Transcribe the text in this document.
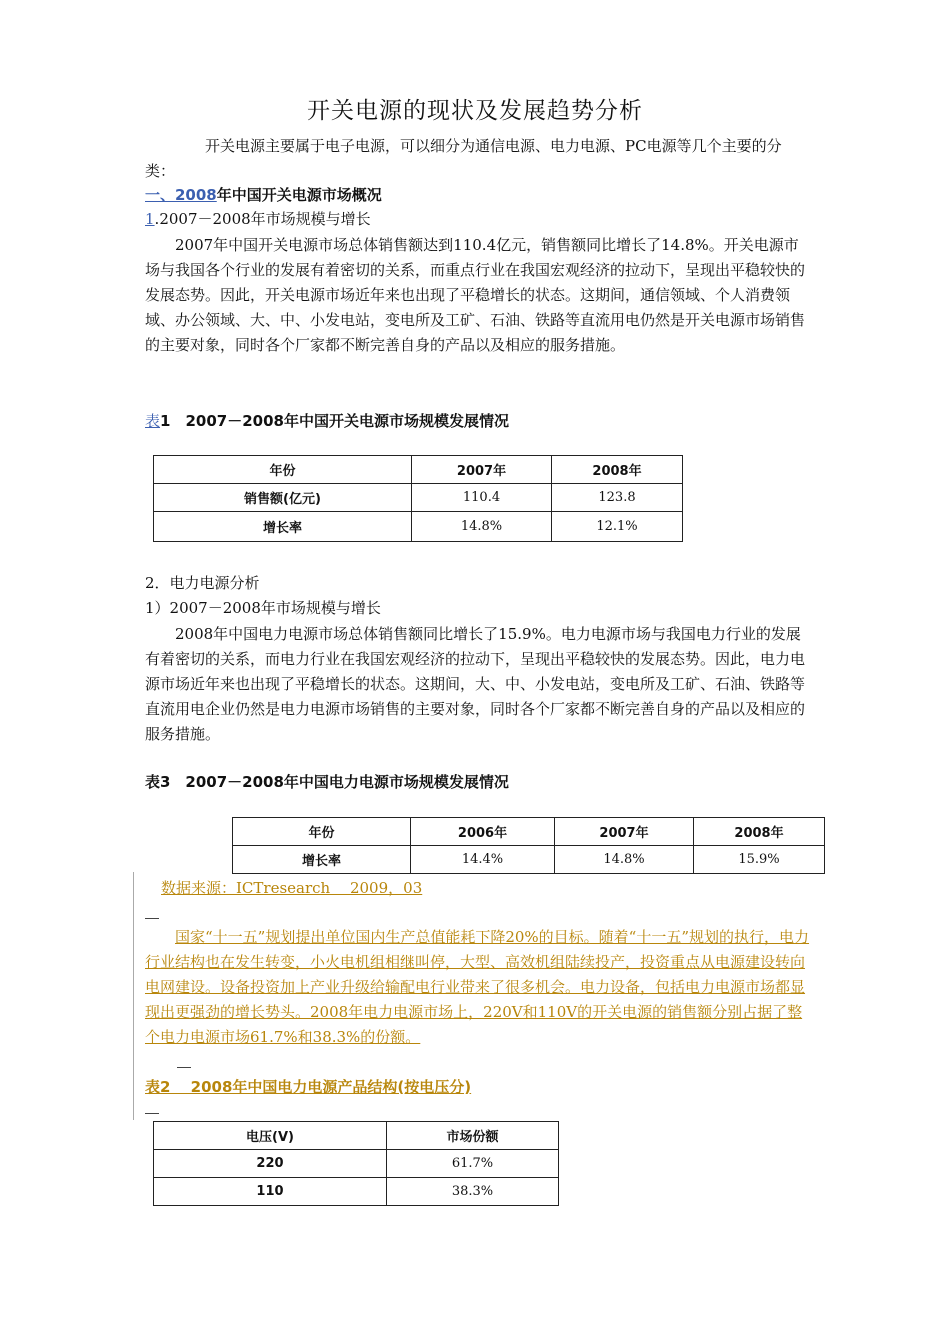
开关电源的现状及发展趋势分析
开关电源主要属于电子电源，可以细分为通信电源、电力电源、PC电源等几个主要的分类：
一、2008年中国开关电源市场概况
1.2007－2008年市场规模与增长
2007年中国开关电源市场总体销售额达到110.4亿元，销售额同比增长了14.8%。开关电源市场与我国各个行业的发展有着密切的关系，而重点行业在我国宏观经济的拉动下，呈现出平稳较快的发展态势。因此，开关电源市场近年来也出现了平稳增长的状态。这期间，通信领域、个人消费领域、办公领域、大、中、小发电站，变电所及工矿、石油、铁路等直流用电仍然是开关电源市场销售的主要对象，同时各个厂家都不断完善自身的产品以及相应的服务措施。
表1　2007－2008年中国开关电源市场规模发展情况
年份	2007年	2008年
销售额(亿元)	110.4	123.8
增长率	14.8%	12.1%
2．电力电源分析
1）2007－2008年市场规模与增长
2008年中国电力电源市场总体销售额同比增长了15.9%。电力电源市场与我国电力行业的发展有着密切的关系，而电力行业在我国宏观经济的拉动下，呈现出平稳较快的发展态势。因此，电力电源市场近年来也出现了平稳增长的状态。这期间，大、中、小发电站，变电所及工矿、石油、铁路等直流用电企业仍然是电力电源市场销售的主要对象，同时各个厂家都不断完善自身的产品以及相应的服务措施。
表3　2007－2008年中国电力电源市场规模发展情况
年份	2006年	2007年	2008年
增长率	14.4%	14.8%	15.9%
数据来源：ICTresearch　 2009，03
国家“十一五”规划提出单位国内生产总值能耗下降20%的目标。随着“十一五”规划的执行，电力行业结构也在发生转变，小火电机组相继叫停，大型、高效机组陆续投产，投资重点从电源建设转向电网建设。设备投资加上产业升级给输配电行业带来了很多机会。电力设备，包括电力电源市场都显现出更强劲的增长势头。2008年电力电源市场上，220V和110V的开关电源的销售额分别占据了整个电力电源市场61.7%和38.3%的份额。
表2　 2008年中国电力电源产品结构(按电压分)
电压(V)	市场份额
220	61.7%
110	38.3%
